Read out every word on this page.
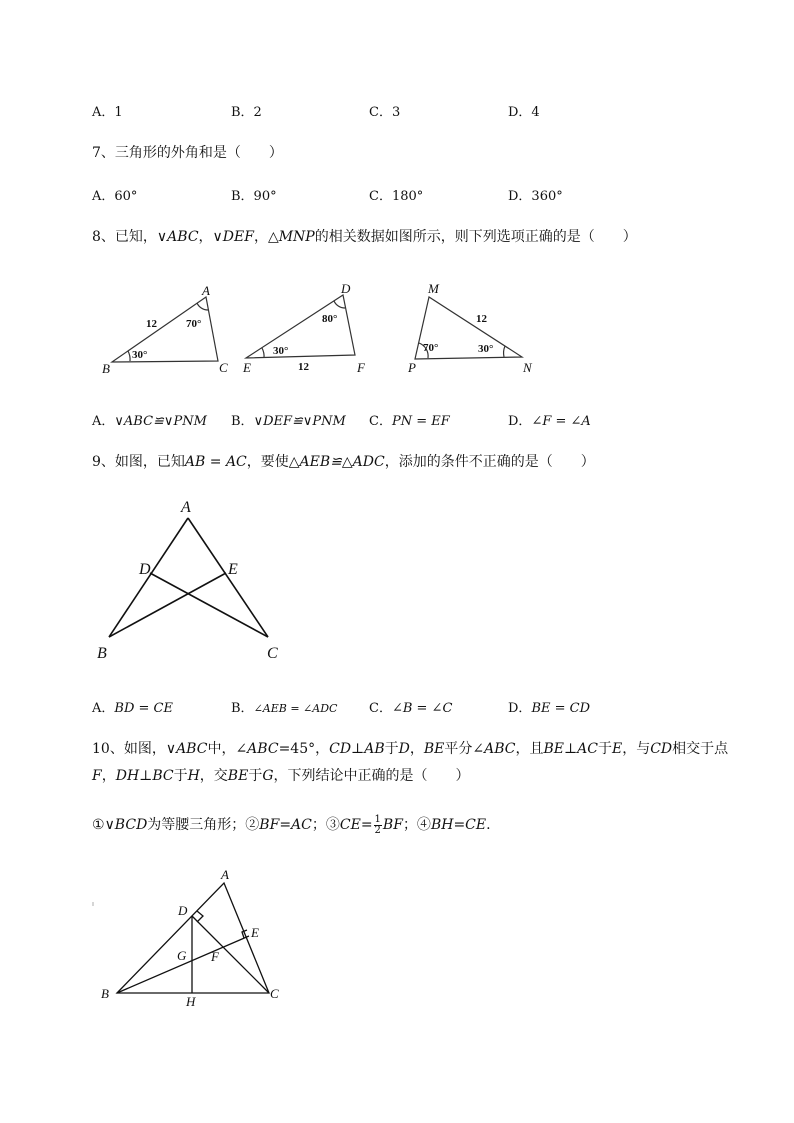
A．1	B．2	C．3	D．4
7、三角形的外角和是（　　）
A．60°	B．90°	C．180°	D．360°
8、已知，∨ABC，∨DEF，△MNP的相关数据如图所示，则下列选项正确的是（　　）
A
B	C
D
E	F
M
P	N
12	70°
30°
12
80°
30°
12
70°	30°
A．∨ABC≌∨PNM B．∨DEF≌∨PNM C．PN = EF	D．∠F = ∠A
9、如图，已知AB = AC，要使△AEB≌△ADC，添加的条件不正确的是（　　）
A
B	C
D	E
A．BD = CE	B．∠AEB = ∠ADC C．∠B = ∠C	D．BE = CD
10、如图，∨ABC中，∠ABC=45°，CD⊥AB于D，BE平分∠ABC，且BE⊥AC于E，与CD相交于点
F，DH⊥BC于H，交BE于G，下列结论中正确的是（　　）
①∨BCD为等腰三角形；②BF=AC；③CE= $\frac{1}{2}$ BF；④BH=CE.
A
B	C
D
E
F
G
H
